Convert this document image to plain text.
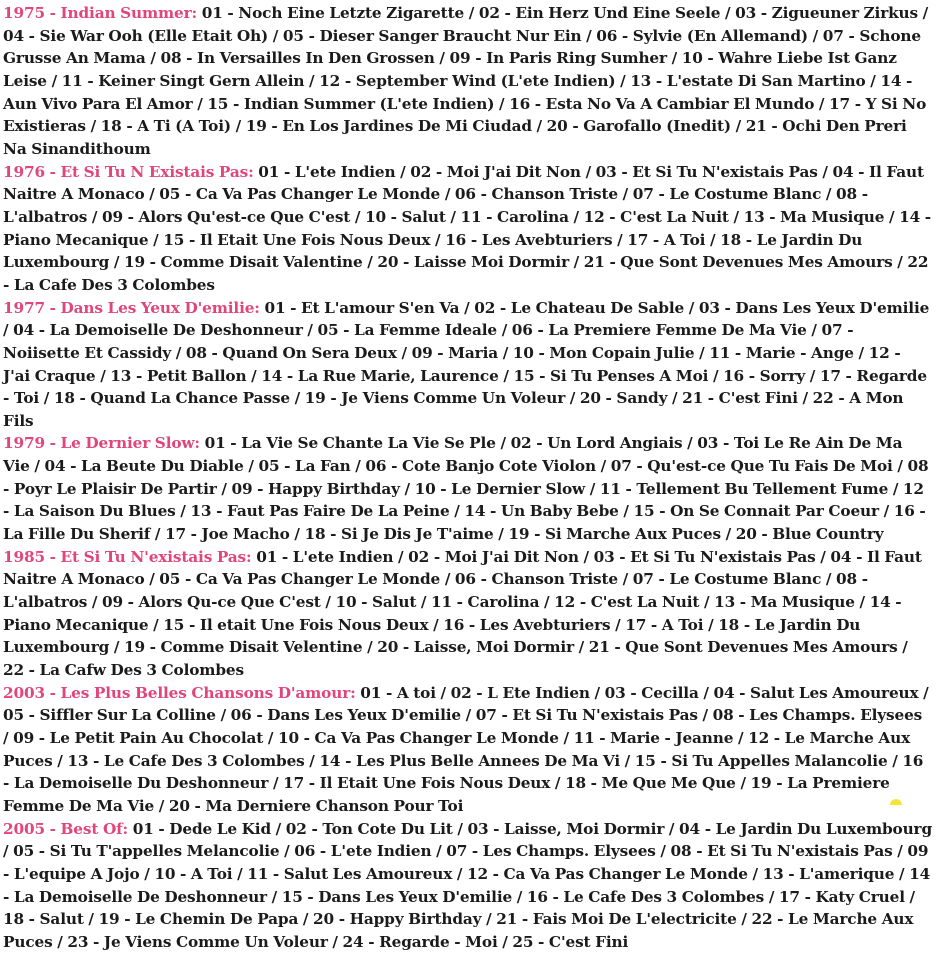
1975 - Indian Summer: 01 - Noch Eine Letzte Zigarette / 02 - Ein Herz Und Eine Seele / 03 - Zigueuner Zirkus / 04 - Sie War Ooh (Elle Etait Oh) / 05 - Dieser Sanger Braucht Nur Ein / 06 - Sylvie (En Allemand) / 07 - Schone Grusse An Mama / 08 - In Versailles In Den Grossen / 09 - In Paris Ring Sumher / 10 - Wahre Liebe Ist Ganz Leise / 11 - Keiner Singt Gern Allein / 12 - September Wind (L'ete Indien) / 13 - L'estate Di San Martino / 14 - Aun Vivo Para El Amor / 15 - Indian Summer (L'ete Indien) / 16 - Esta No Va A Cambiar El Mundo / 17 - Y Si No Existieras / 18 - A Ti (A Toi) / 19 - En Los Jardines De Mi Ciudad / 20 - Garofallo (Inedit) / 21 - Ochi Den Preri Na Sinandithoum

1976 - Et Si Tu N Existais Pas: 01 - L'ete Indien / 02 - Moi J'ai Dit Non / 03 - Et Si Tu N'existais Pas / 04 - Il Faut Naitre A Monaco / 05 - Ca Va Pas Changer Le Monde / 06 - Chanson Triste / 07 - Le Costume Blanc / 08 - L'albatros / 09 - Alors Qu'est-ce Que C'est / 10 - Salut / 11 - Carolina / 12 - C'est La Nuit / 13 - Ma Musique / 14 - Piano Mecanique / 15 - Il Etait Une Fois Nous Deux / 16 - Les Avebturiers / 17 - A Toi / 18 - Le Jardin Du Luxembourg / 19 - Comme Disait Valentine / 20 - Laisse Moi Dormir / 21 - Que Sont Devenues Mes Amours / 22 - La Cafe Des 3 Colombes

1977 - Dans Les Yeux D'emilie: 01 - Et L'amour S'en Va / 02 - Le Chateau De Sable / 03 - Dans Les Yeux D'emilie / 04 - La Demoiselle De Deshonneur / 05 - La Femme Ideale / 06 - La Premiere Femme De Ma Vie / 07 - Noiisette Et Cassidy / 08 - Quand On Sera Deux / 09 - Maria / 10 - Mon Copain Julie / 11 - Marie - Ange / 12 - J'ai Craque / 13 - Petit Ballon / 14 - La Rue Marie, Laurence / 15 - Si Tu Penses A Moi / 16 - Sorry / 17 - Regarde - Toi / 18 - Quand La Chance Passe / 19 - Je Viens Comme Un Voleur / 20 - Sandy / 21 - C'est Fini / 22 - A Mon Fils

1979 - Le Dernier Slow: 01 - La Vie Se Chante La Vie Se Ple / 02 - Un Lord Angiais / 03 - Toi Le Re Ain De Ma Vie / 04 - La Beute Du Diable / 05 - La Fan / 06 - Cote Banjo Cote Violon / 07 - Qu'est-ce Que Tu Fais De Moi / 08 - Poyr Le Plaisir De Partir / 09 - Happy Birthday / 10 - Le Dernier Slow / 11 - Tellement Bu Tellement Fume / 12 - La Saison Du Blues / 13 - Faut Pas Faire De La Peine / 14 - Un Baby Bebe / 15 - On Se Connait Par Coeur / 16 - La Fille Du Sherif / 17 - Joe Macho / 18 - Si Je Dis Je T'aime / 19 - Si Marche Aux Puces / 20 - Blue Country

1985 - Et Si Tu N'existais Pas: 01 - L'ete Indien / 02 - Moi J'ai Dit Non / 03 - Et Si Tu N'existais Pas / 04 - Il Faut Naitre A Monaco / 05 - Ca Va Pas Changer Le Monde / 06 - Chanson Triste / 07 - Le Costume Blanc / 08 - L'albatros / 09 - Alors Qu-ce Que C'est / 10 - Salut / 11 - Carolina / 12 - C'est La Nuit / 13 - Ma Musique / 14 - Piano Mecanique / 15 - Il etait Une Fois Nous Deux / 16 - Les Avebturiers / 17 - A Toi / 18 - Le Jardin Du Luxembourg / 19 - Comme Disait Velentine / 20 - Laisse, Moi Dormir / 21 - Que Sont Devenues Mes Amours / 22 - La Cafw Des 3 Colombes

2003 - Les Plus Belles Chansons D'amour: 01 - A toi / 02 - L Ete Indien / 03 - Cecilla / 04 - Salut Les Amoureux / 05 - Siffler Sur La Colline / 06 - Dans Les Yeux D'emilie / 07 - Et Si Tu N'existais Pas / 08 - Les Champs. Elysees / 09 - Le Petit Pain Au Chocolat / 10 - Ca Va Pas Changer Le Monde / 11 - Marie - Jeanne / 12 - Le Marche Aux Puces / 13 - Le Cafe Des 3 Colombes / 14 - Les Plus Belle Annees De Ma Vi / 15 - Si Tu Appelles Malancolie / 16 - La Demoiselle Du Deshonneur / 17 - Il Etait Une Fois Nous Deux / 18 - Me Que Me Que / 19 - La Premiere Femme De Ma Vie / 20 - Ma Derniere Chanson Pour Toi

2005 - Best Of: 01 - Dede Le Kid / 02 - Ton Cote Du Lit / 03 - Laisse, Moi Dormir / 04 - Le Jardin Du Luxembourg / 05 - Si Tu T'appelles Melancolie / 06 - L'ete Indien / 07 - Les Champs. Elysees / 08 - Et Si Tu N'existais Pas / 09 - L'equipe A Jojo / 10 - A Toi / 11 - Salut Les Amoureux / 12 - Ca Va Pas Changer Le Monde / 13 - L'amerique / 14 - La Demoiselle De Deshonneur / 15 - Dans Les Yeux D'emilie / 16 - Le Cafe Des 3 Colombes / 17 - Katy Cruel / 18 - Salut / 19 - Le Chemin De Papa / 20 - Happy Birthday / 21 - Fais Moi De L'electricite / 22 - Le Marche Aux Puces / 23 - Je Viens Comme Un Voleur / 24 - Regarde - Moi / 25 - C'est Fini
